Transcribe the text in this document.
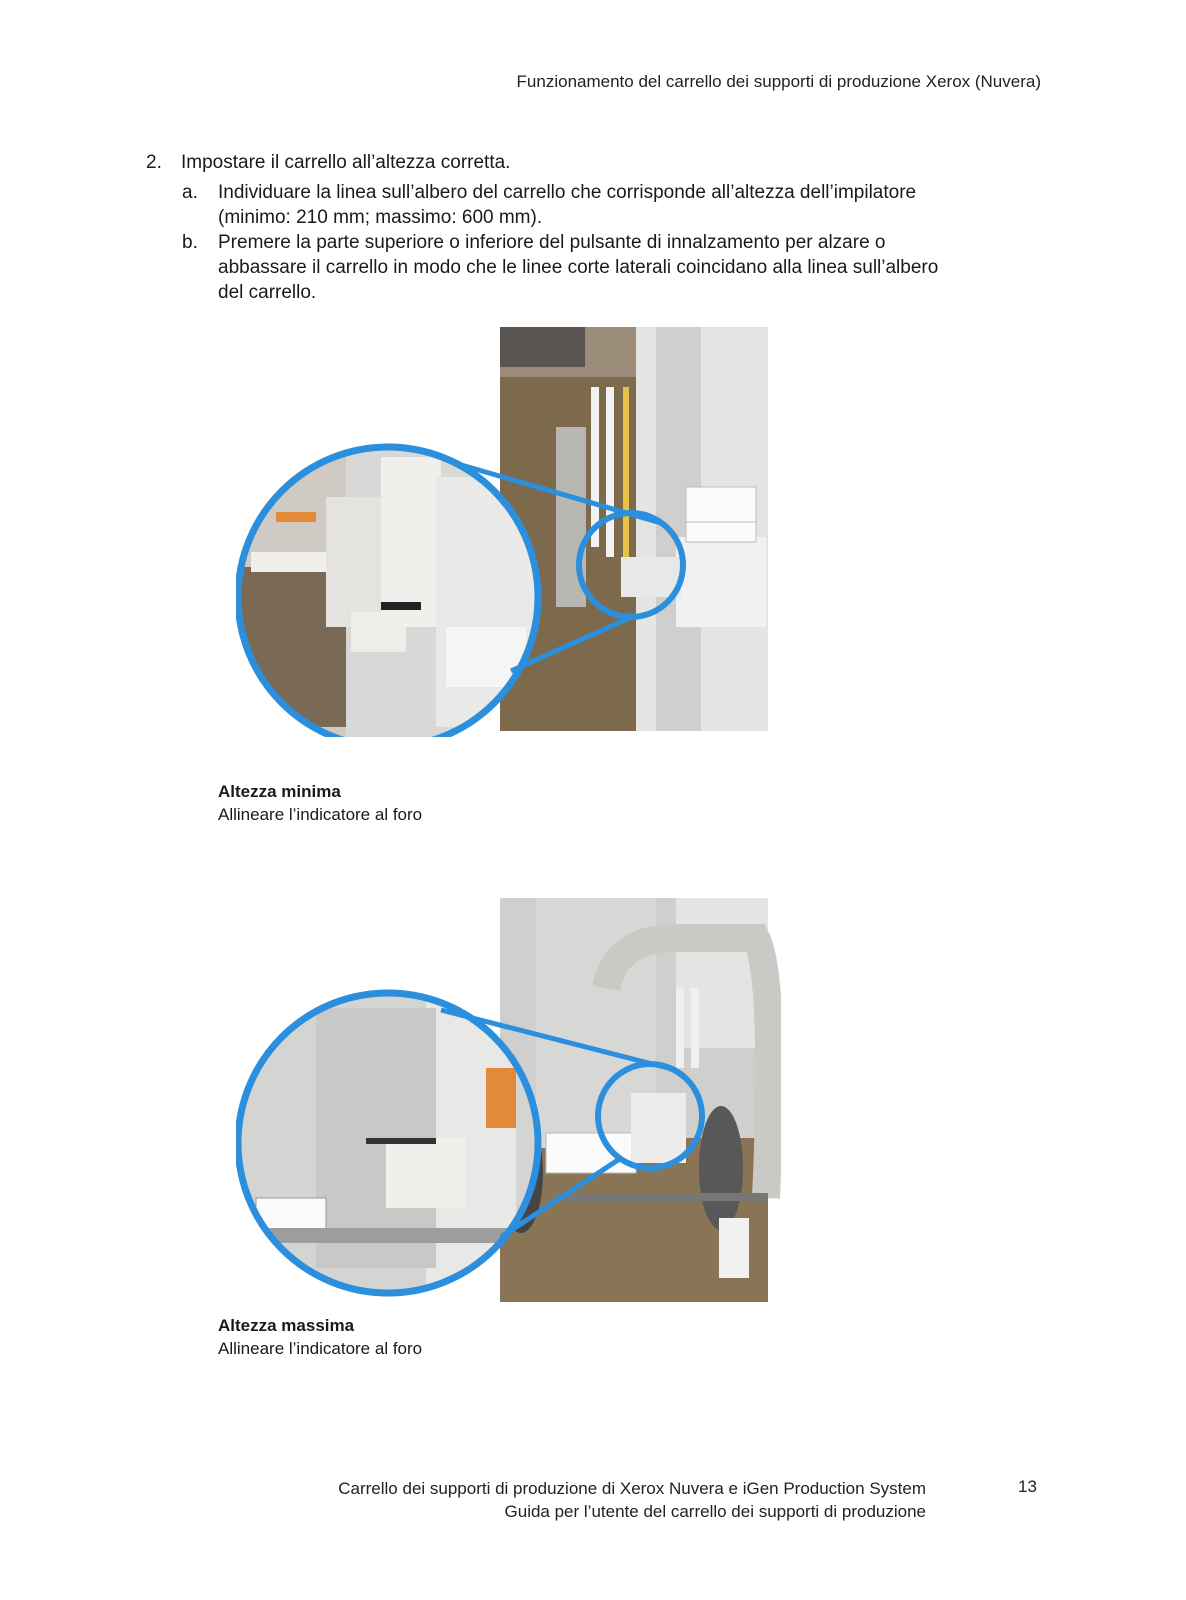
Funzionamento del carrello dei supporti di produzione Xerox (Nuvera)
2. Impostare il carrello all’altezza corretta.
a. Individuare la linea sull’albero del carrello che corrisponde all’altezza dell’impilatore
(minimo: 210 mm; massimo: 600 mm).
b. Premere la parte superiore o inferiore del pulsante di innalzamento per alzare o
abbassare il carrello in modo che le linee corte laterali coincidano alla linea sull’albero
del carrello.
Altezza minima
Allineare l’indicatore al foro
Altezza massima
Allineare l’indicatore al foro
Carrello dei supporti di produzione di Xerox Nuvera e iGen Production System
Guida per l’utente del carrello dei supporti di produzione
13
